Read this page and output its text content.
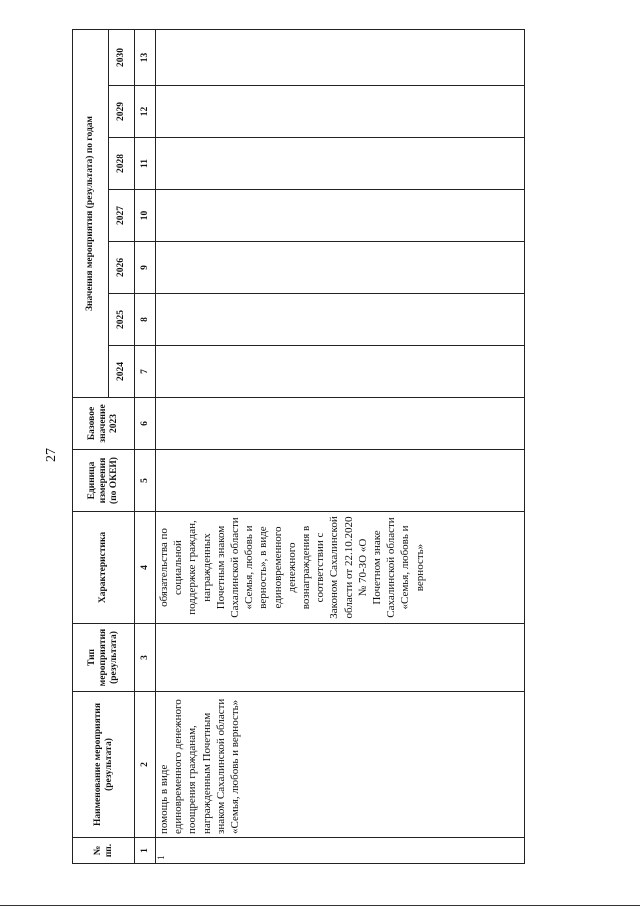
27
№ пп.	Наименование мероприятия (результата)	Тип мероприятия (результата)	Характеристика	Единица измерения (по ОКЕИ)	Базовое значение 2023	Значения мероприятия (результата) по годам						
						2024	2025	2026	2027	2028	2029	2030
1	2	3	4	5	6	7	8	9	10	11	12	13
1	помощь в виде единовременного денежного поощрения гражданам, награжденным Почетным знаком Сахалинской области «Семья, любовь и верность»		обязательства по социальной поддержке граждан, награжденных Почетным знаком Сахалинской области «Семья, любовь и верность», в виде единовременного денежного вознаграждения в соответствии с Законом Сахалинской области от 22.10.2020 № 70-ЗО «О Почетном знаке Сахалинской области «Семья, любовь и верность»									
